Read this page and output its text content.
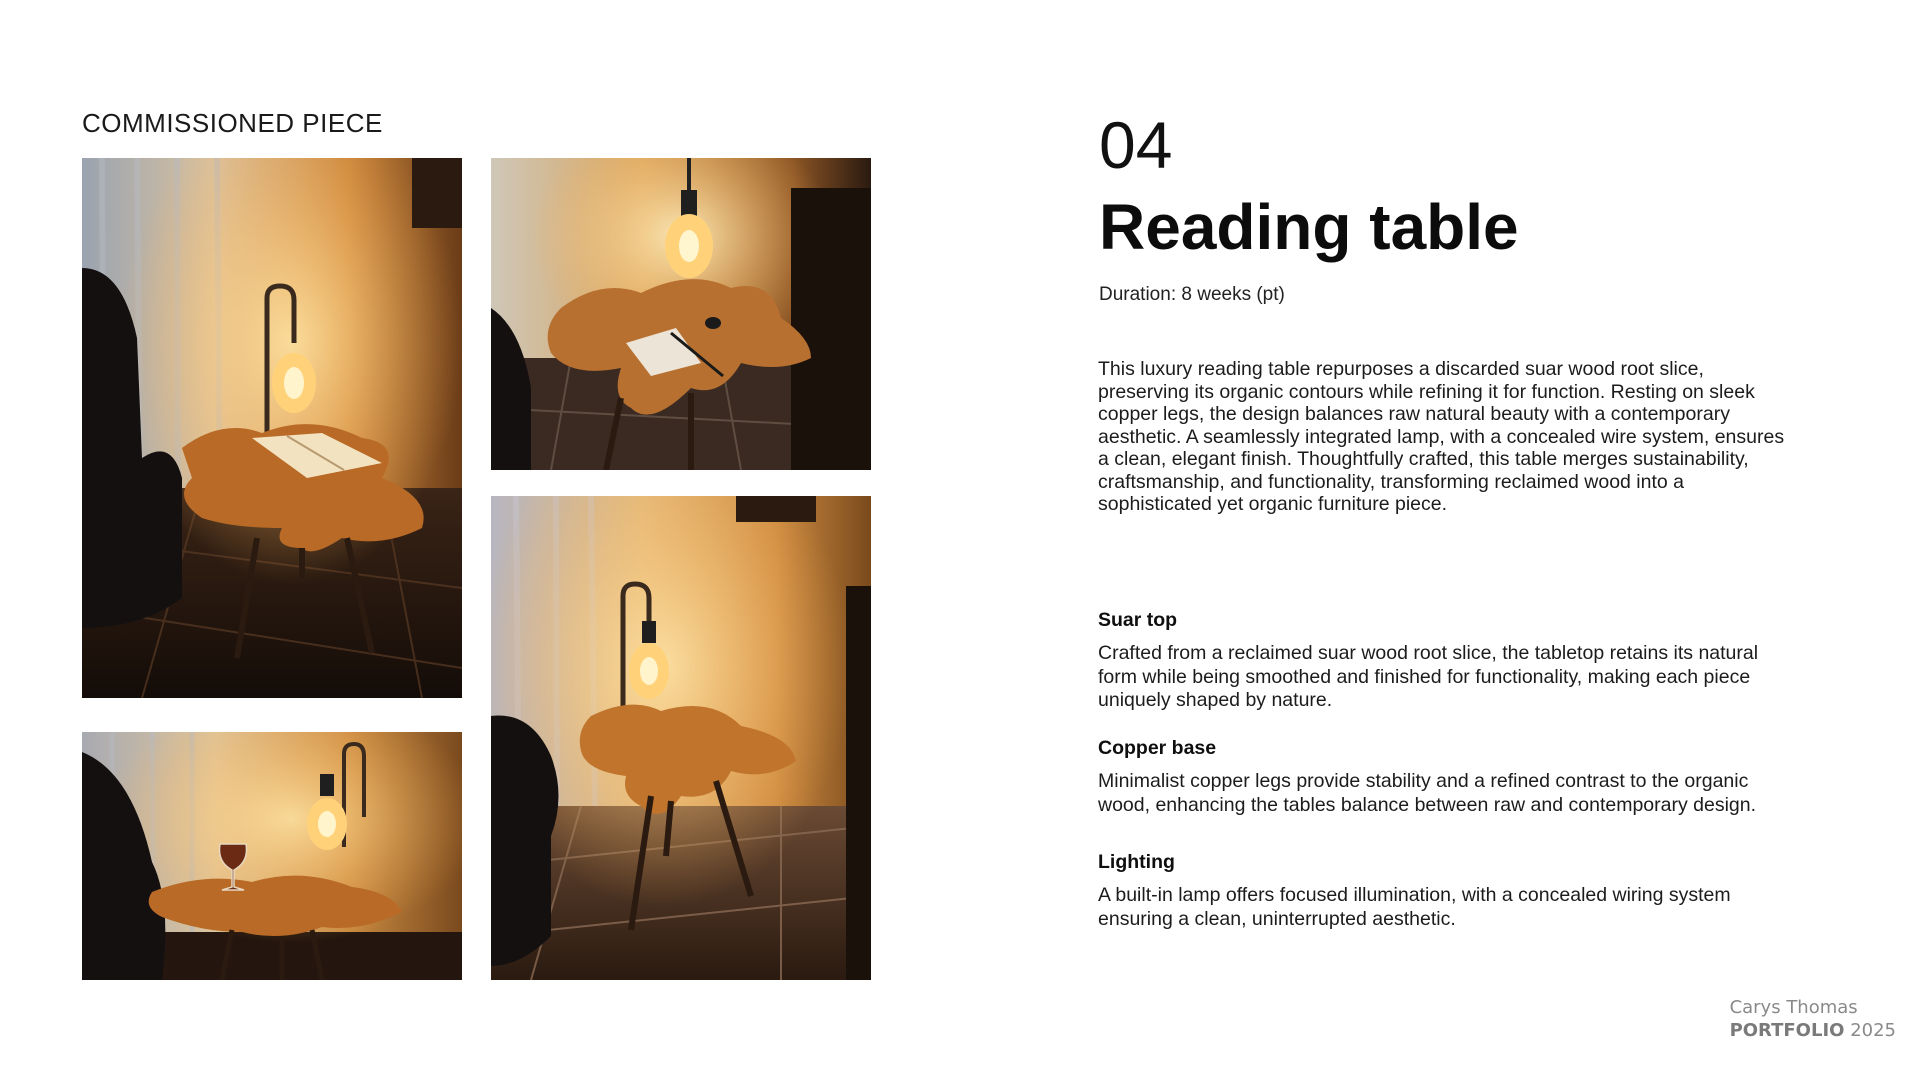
COMMISSIONED PIECE	04
Reading table
Duration: 8 weeks (pt)

This luxury reading table repurposes a discarded suar wood root slice, preserving its organic contours while refining it for function. Resting on sleek copper legs, the design balances raw natural beauty with a contemporary aesthetic. A seamlessly integrated lamp, with a concealed wire system, ensures a clean, elegant finish. Thoughtfully crafted, this table merges sustainability, craftsmanship, and functionality, transforming reclaimed wood into a sophisticated yet organic furniture piece.

Suar top

Crafted from a reclaimed suar wood root slice, the tabletop retains its natural form while being smoothed and finished for functionality, making each piece uniquely shaped by nature.

Copper base

Minimalist copper legs provide stability and a refined contrast to the organic wood, enhancing the tables balance between raw and contemporary design.

Lighting

A built-in lamp offers focused illumination, with a concealed wiring system ensuring a clean, uninterrupted aesthetic.

Carys Thomas
PORTFOLIO 2025
